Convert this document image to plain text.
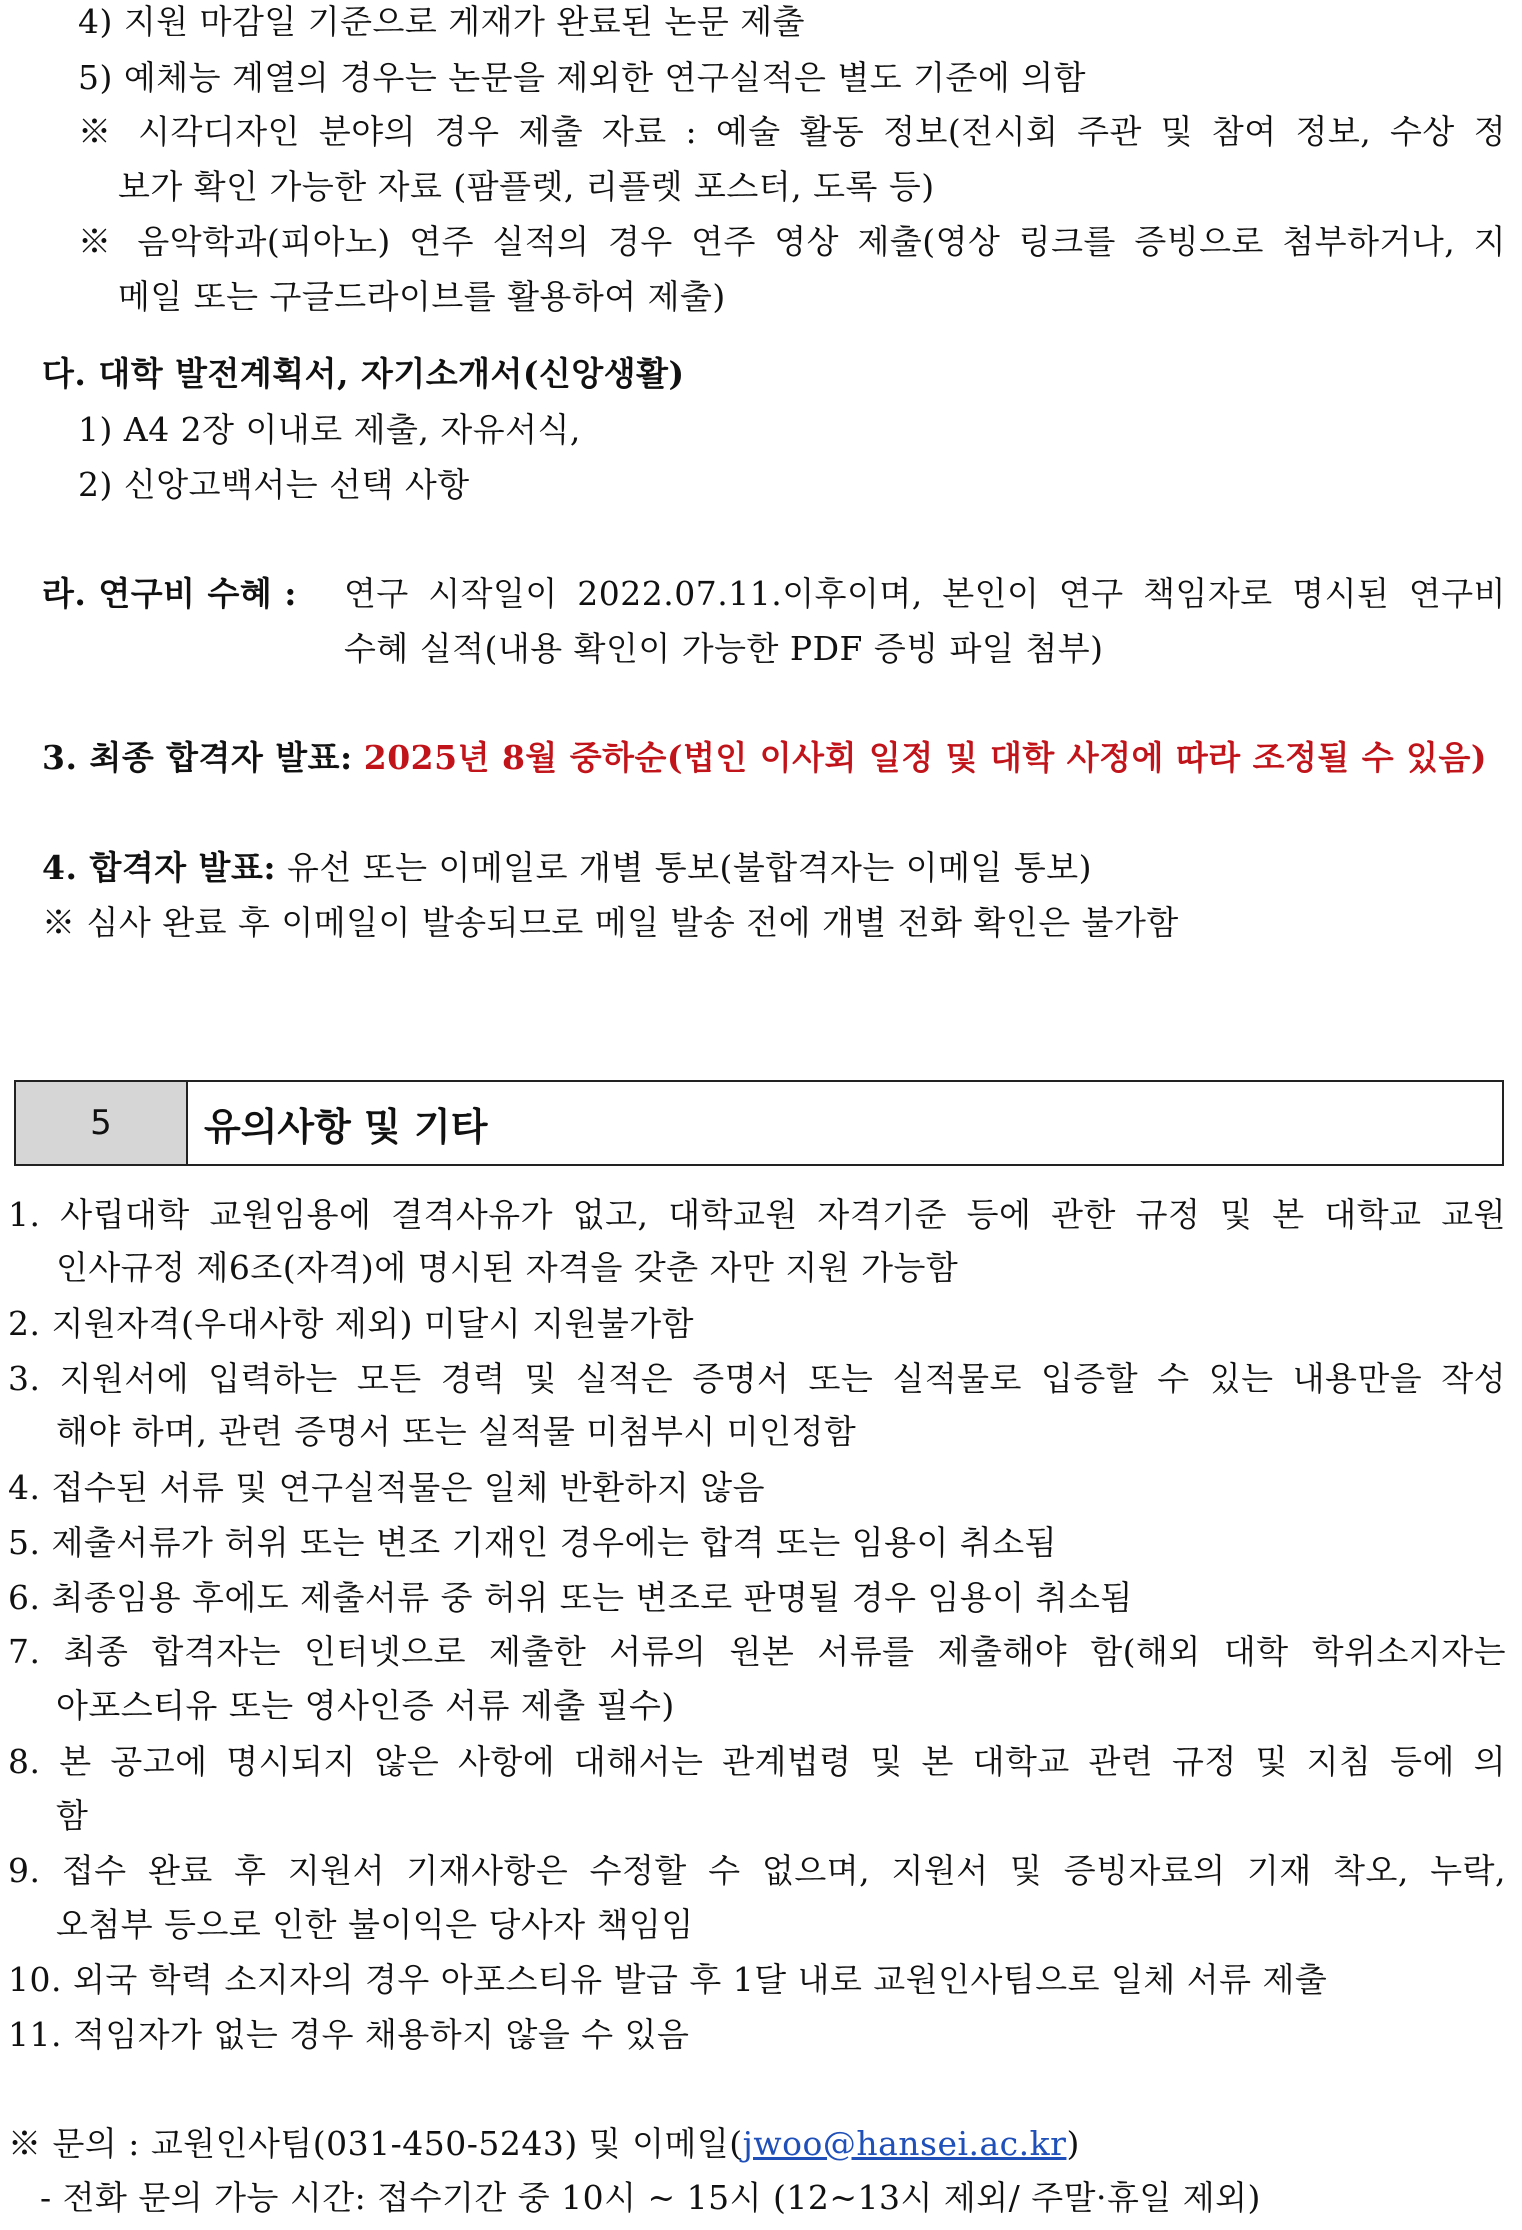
4) 지원 마감일 기준으로 게재가 완료된 논문 제출
5) 예체능 계열의 경우는 논문을 제외한 연구실적은 별도 기준에 의함
※ 시각디자인 분야의 경우 제출 자료 : 예술 활동 정보(전시회 주관 및 참여 정보, 수상 정
보가 확인 가능한 자료 (팜플렛, 리플렛 포스터, 도록 등)
※ 음악학과(피아노) 연주 실적의 경우 연주 영상 제출(영상 링크를 증빙으로 첨부하거나, 지
메일 또는 구글드라이브를 활용하여 제출)
다. 대학 발전계획서, 자기소개서(신앙생활)
1) A4 2장 이내로 제출, 자유서식,
2) 신앙고백서는 선택 사항
라. 연구비 수혜 : 연구 시작일이 2022.07.11.이후이며, 본인이 연구 책임자로 명시된 연구비
수혜 실적(내용 확인이 가능한 PDF 증빙 파일 첨부)
3. 최종 합격자 발표: 2025년 8월 중하순(법인 이사회 일정 및 대학 사정에 따라 조정될 수 있음)
4. 합격자 발표: 유선 또는 이메일로 개별 통보(불합격자는 이메일 통보)
※ 심사 완료 후 이메일이 발송되므로 메일 발송 전에 개별 전화 확인은 불가함
5	유의사항 및 기타
1. 사립대학 교원임용에 결격사유가 없고, 대학교원 자격기준 등에 관한 규정 및 본 대학교 교원
인사규정 제6조(자격)에 명시된 자격을 갖춘 자만 지원 가능함
2. 지원자격(우대사항 제외) 미달시 지원불가함
3. 지원서에 입력하는 모든 경력 및 실적은 증명서 또는 실적물로 입증할 수 있는 내용만을 작성
해야 하며, 관련 증명서 또는 실적물 미첨부시 미인정함
4. 접수된 서류 및 연구실적물은 일체 반환하지 않음
5. 제출서류가 허위 또는 변조 기재인 경우에는 합격 또는 임용이 취소됨
6. 최종임용 후에도 제출서류 중 허위 또는 변조로 판명될 경우 임용이 취소됨
7. 최종 합격자는 인터넷으로 제출한 서류의 원본 서류를 제출해야 함(해외 대학 학위소지자는
아포스티유 또는 영사인증 서류 제출 필수)
8. 본 공고에 명시되지 않은 사항에 대해서는 관계법령 및 본 대학교 관련 규정 및 지침 등에 의
함
9. 접수 완료 후 지원서 기재사항은 수정할 수 없으며, 지원서 및 증빙자료의 기재 착오, 누락,
오첨부 등으로 인한 불이익은 당사자 책임임
10. 외국 학력 소지자의 경우 아포스티유 발급 후 1달 내로 교원인사팀으로 일체 서류 제출
11. 적임자가 없는 경우 채용하지 않을 수 있음
※ 문의 : 교원인사팀(031-450-5243) 및 이메일(jwoo@hansei.ac.kr)
- 전화 문의 가능 시간: 접수기간 중 10시 ~ 15시 (12~13시 제외/ 주말·휴일 제외)
